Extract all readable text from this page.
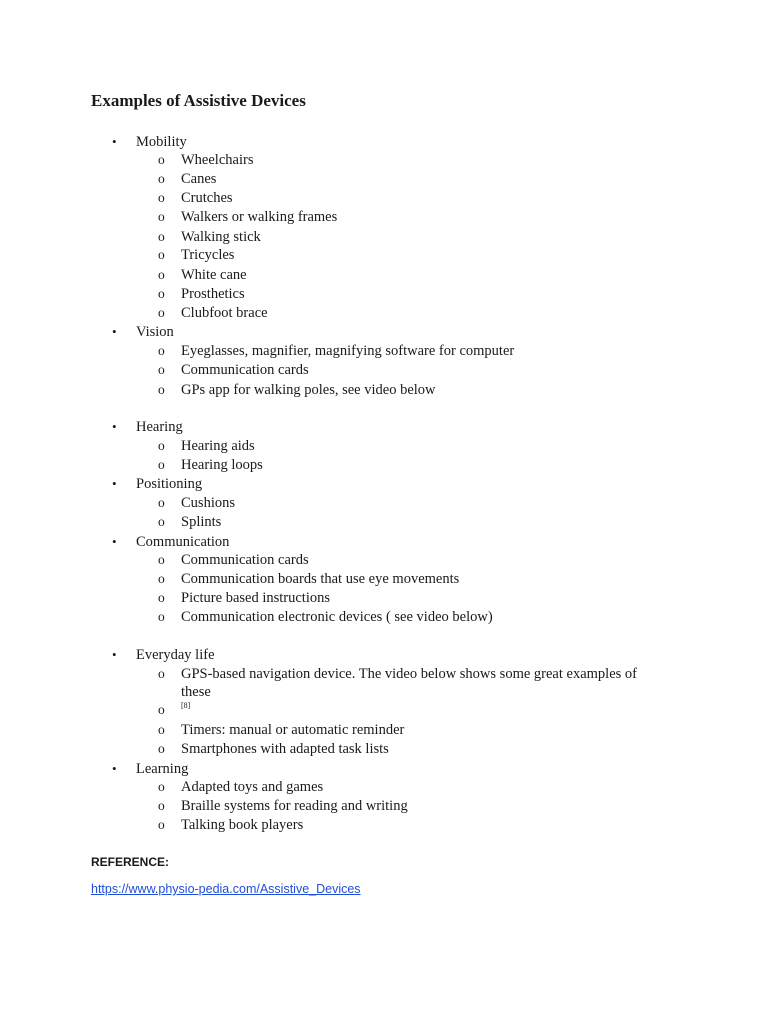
Examples of Assistive Devices
• Mobility
o Wheelchairs
o Canes
o Crutches
o Walkers or walking frames
o Walking stick
o Tricycles
o White cane
o Prosthetics
o Clubfoot brace
• Vision
o Eyeglasses, magnifier, magnifying software for computer
o Communication cards
o GPs app for walking poles, see video below
• Hearing
o Hearing aids
o Hearing loops
• Positioning
o Cushions
o Splints
• Communication
o Communication cards
o Communication boards that use eye movements
o Picture based instructions
o Communication electronic devices ( see video below)
• Everyday life
o GPS-based navigation device. The video below shows some great examples of
these
o [8]
o Timers: manual or automatic reminder
o Smartphones with adapted task lists
• Learning
o Adapted toys and games
o Braille systems for reading and writing
o Talking book players
REFERENCE:
https://www.physio-pedia.com/Assistive_Devices
